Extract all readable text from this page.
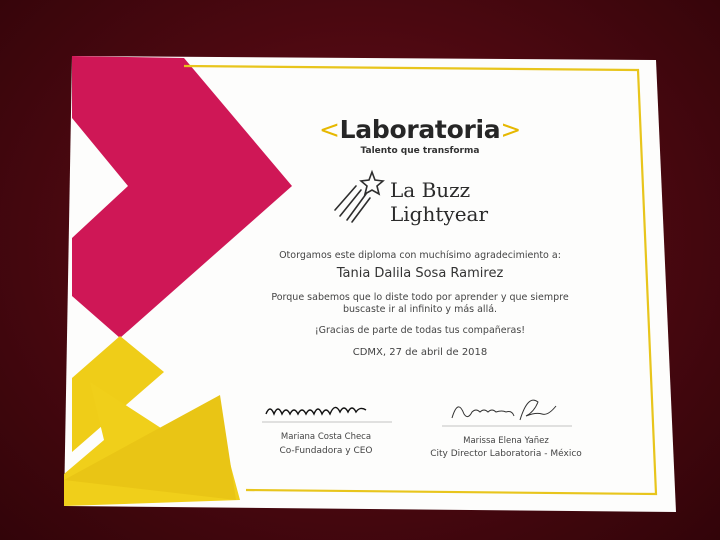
<Laboratoria>
Talento que transforma
La Buzz
Lightyear
Otorgamos este diploma con muchísimo agradecimiento a:
Tania Dalila Sosa Ramirez
Porque sabemos que lo diste todo por aprender y que siempre
buscaste ir al infinito y más allá.
¡Gracias de parte de todas tus compañeras!
CDMX, 27 de abril de 2018
Mariana Costa Checa
Co-Fundadora y CEO
Marissa Elena Yañez
City Director Laboratoria - México
